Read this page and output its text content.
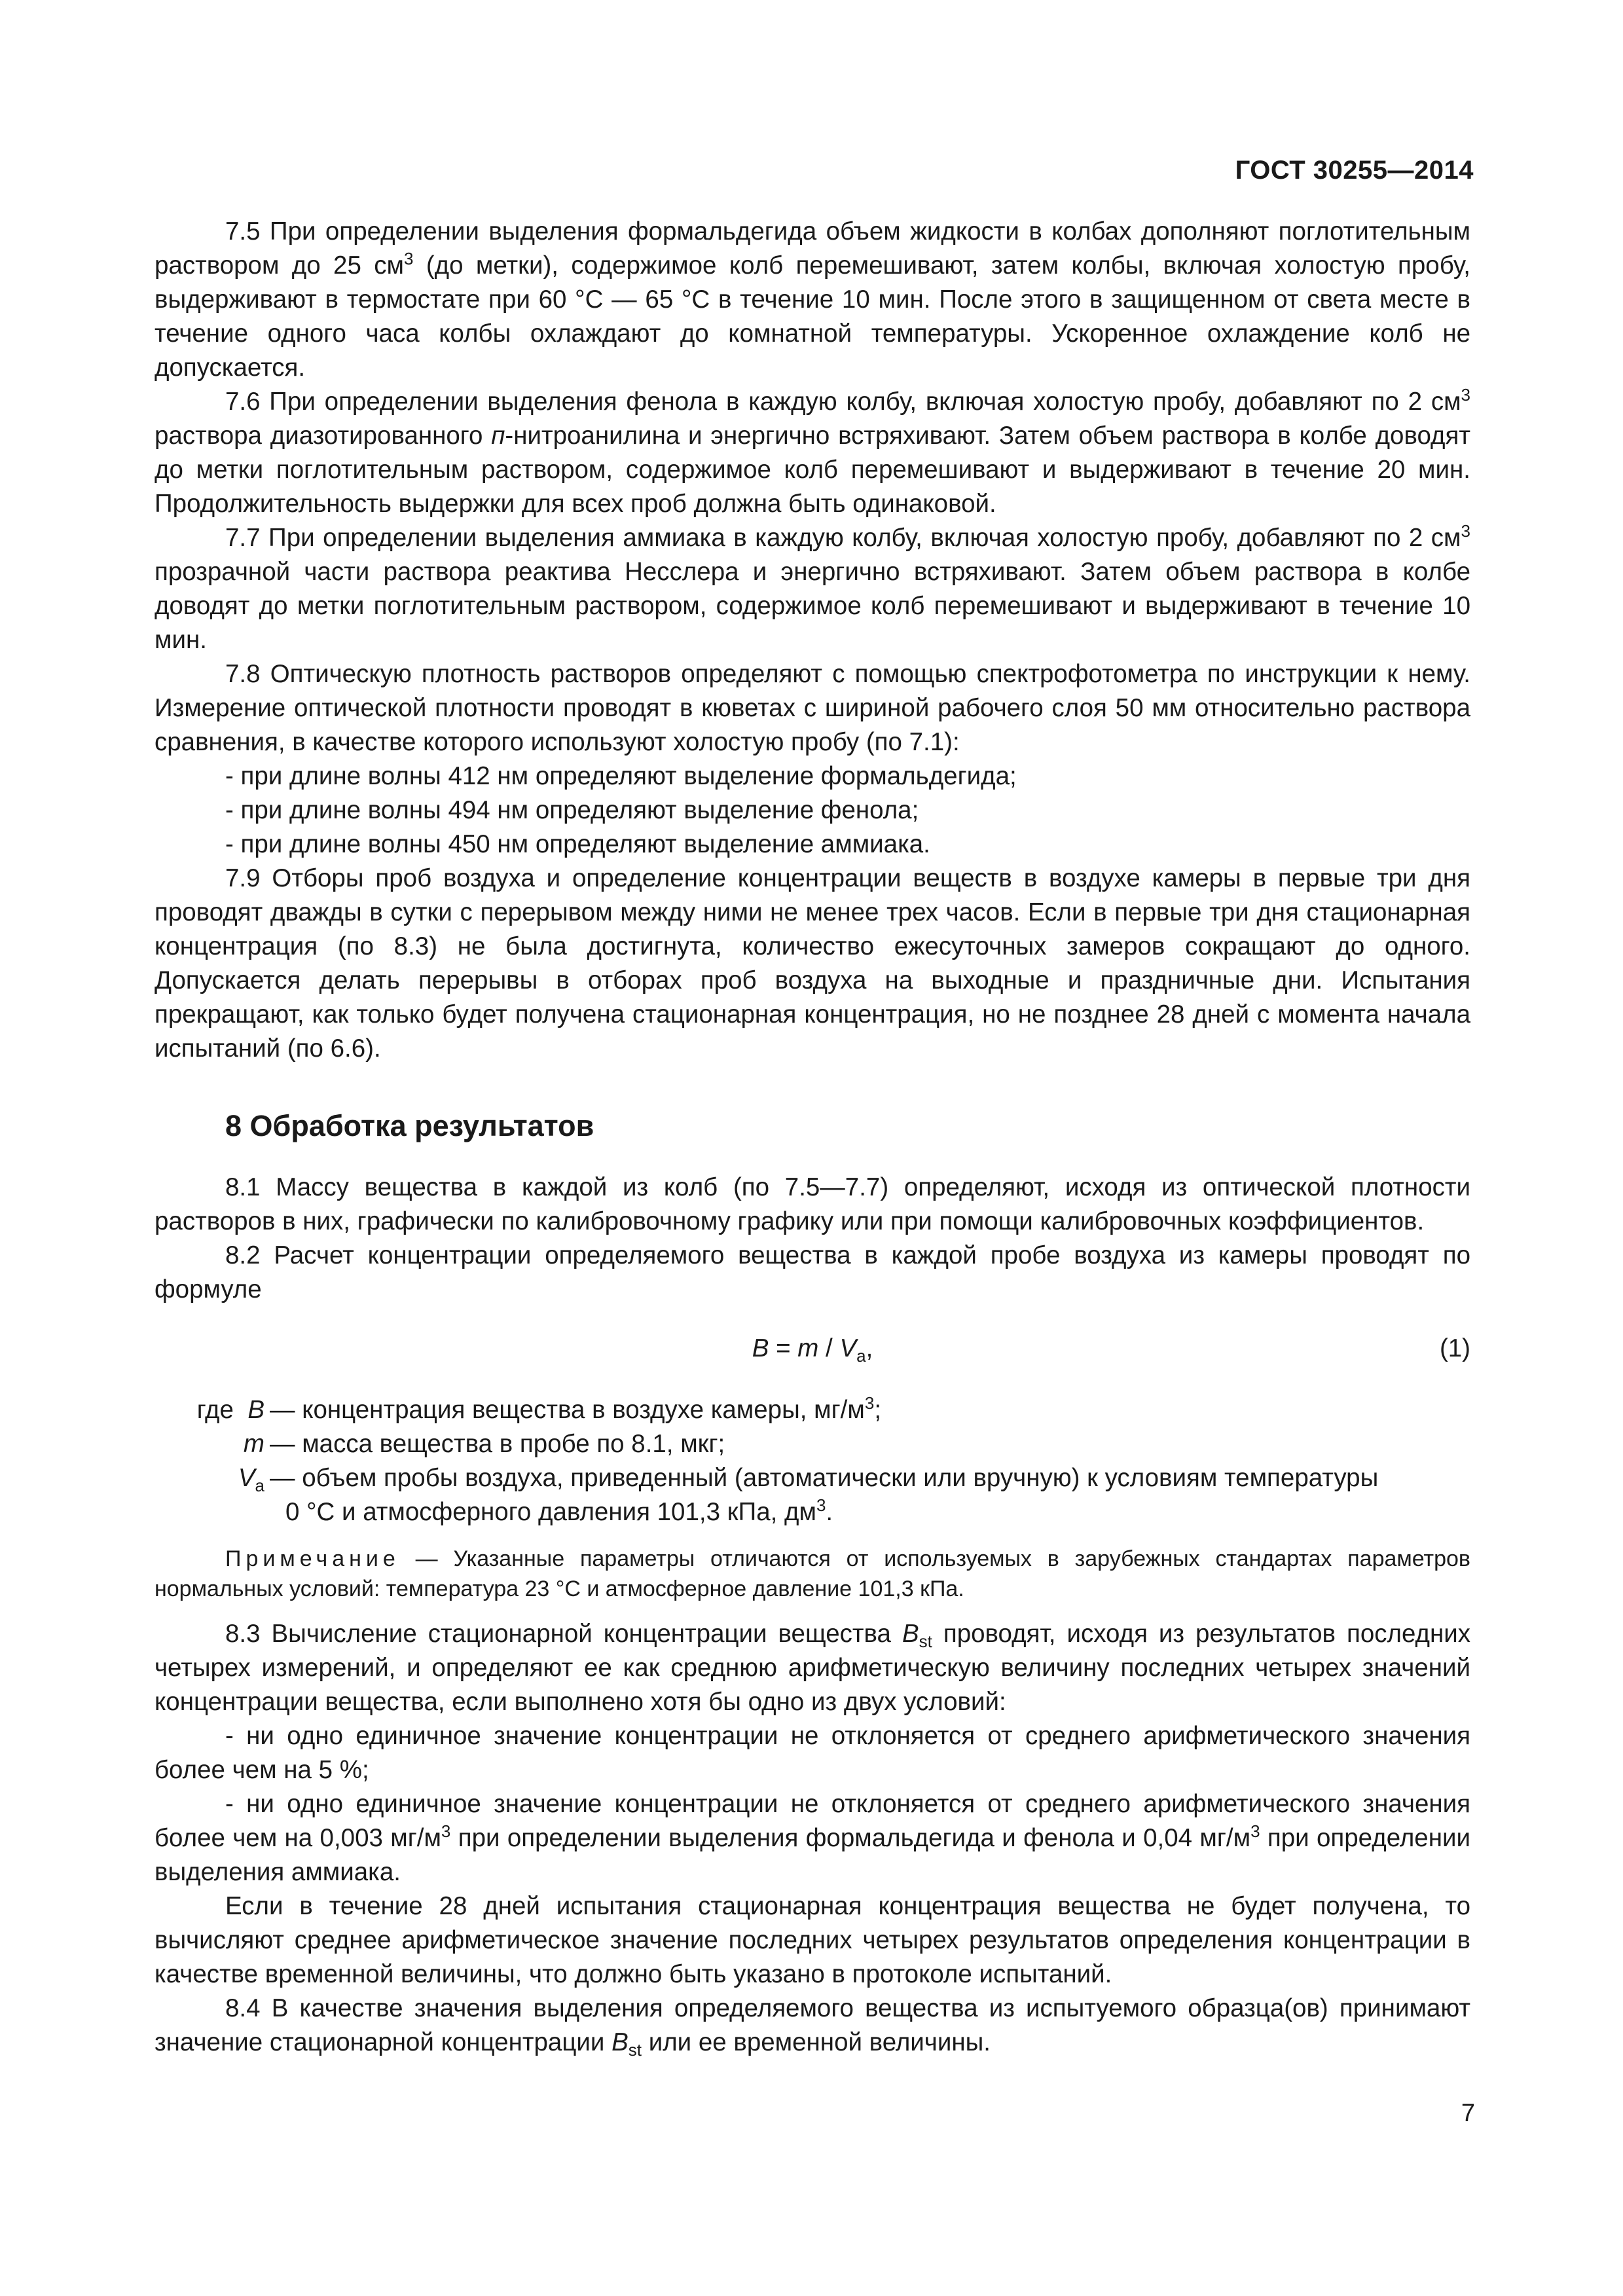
ГОСТ 30255—2014

7.5 При определении выделения формальдегида объем жидкости в колбах дополняют поглотительным раствором до 25 $см^3$ (до метки), содержимое колб перемешивают, затем колбы, включая холостую пробу, выдерживают в термостате при 60 °С — 65 °С в течение 10 мин. После этого в защищенном от света месте в течение одного часа колбы охлаждают до комнатной температуры. Ускоренное охлаждение колб не допускается.

7.6 При определении выделения фенола в каждую колбу, включая холостую пробу, добавляют по 2 $см^3$ раствора диазотированного п-нитроанилина и энергично встряхивают. Затем объем раствора в колбе доводят до метки поглотительным раствором, содержимое колб перемешивают и выдерживают в течение 20 мин. Продолжительность выдержки для всех проб должна быть одинаковой.

7.7 При определении выделения аммиака в каждую колбу, включая холостую пробу, добавляют по 2 $см^3$ прозрачной части раствора реактива Несслера и энергично встряхивают. Затем объем раствора в колбе доводят до метки поглотительным раствором, содержимое колб перемешивают и выдерживают в течение 10 мин.

7.8 Оптическую плотность растворов определяют с помощью спектрофотометра по инструкции к нему. Измерение оптической плотности проводят в кюветах с шириной рабочего слоя 50 мм относительно раствора сравнения, в качестве которого используют холостую пробу (по 7.1):

- при длине волны 412 нм определяют выделение формальдегида;

- при длине волны 494 нм определяют выделение фенола;

- при длине волны 450 нм определяют выделение аммиака.

7.9 Отборы проб воздуха и определение концентрации веществ в воздухе камеры в первые три дня проводят дважды в сутки с перерывом между ними не менее трех часов. Если в первые три дня стационарная концентрация (по 8.3) не была достигнута, количество ежесуточных замеров сокращают до одного. Допускается делать перерывы в отборах проб воздуха на выходные и праздничные дни. Испытания прекращают, как только будет получена стационарная концентрация, но не позднее 28 дней с момента начала испытаний (по 6.6).

8 Обработка результатов

8.1 Массу вещества в каждой из колб (по 7.5—7.7) определяют, исходя из оптической плотности растворов в них, графически по калибровочному графику или при помощи калибровочных коэффициентов.

8.2 Расчет концентрации определяемого вещества в каждой пробе воздуха из камеры проводят по формуле

$B = m / V_а$,	(1)
где B — концентрация вещества в воздухе камеры, $мг/м^3$;
m — масса вещества в пробе по 8.1, мкг;
$V_а$ — объем пробы воздуха, приведенный (автоматически или вручную) к условиям температуры
0 °С и атмосферного давления 101,3 кПа, $дм^3$.

Примечание — Указанные параметры отличаются от используемых в зарубежных стандартах параметров нормальных условий: температура 23 °С и атмосферное давление 101,3 кПа.

8.3 Вычисление стационарной концентрации вещества $B_{st}$ проводят, исходя из результатов последних четырех измерений, и определяют ее как среднюю арифметическую величину последних четырех значений концентрации вещества, если выполнено хотя бы одно из двух условий:

- ни одно единичное значение концентрации не отклоняется от среднего арифметического значения более чем на 5 %;

- ни одно единичное значение концентрации не отклоняется от среднего арифметического значения более чем на 0,003 $мг/м^3$ при определении выделения формальдегида и фенола и 0,04 $мг/м^3$ при определении выделения аммиака.

Если в течение 28 дней испытания стационарная концентрация вещества не будет получена, то вычисляют среднее арифметическое значение последних четырех результатов определения концентрации в качестве временной величины, что должно быть указано в протоколе испытаний.

8.4 В качестве значения выделения определяемого вещества из испытуемого образца(ов) принимают значение стационарной концентрации $B_{st}$ или ее временной величины.

7
